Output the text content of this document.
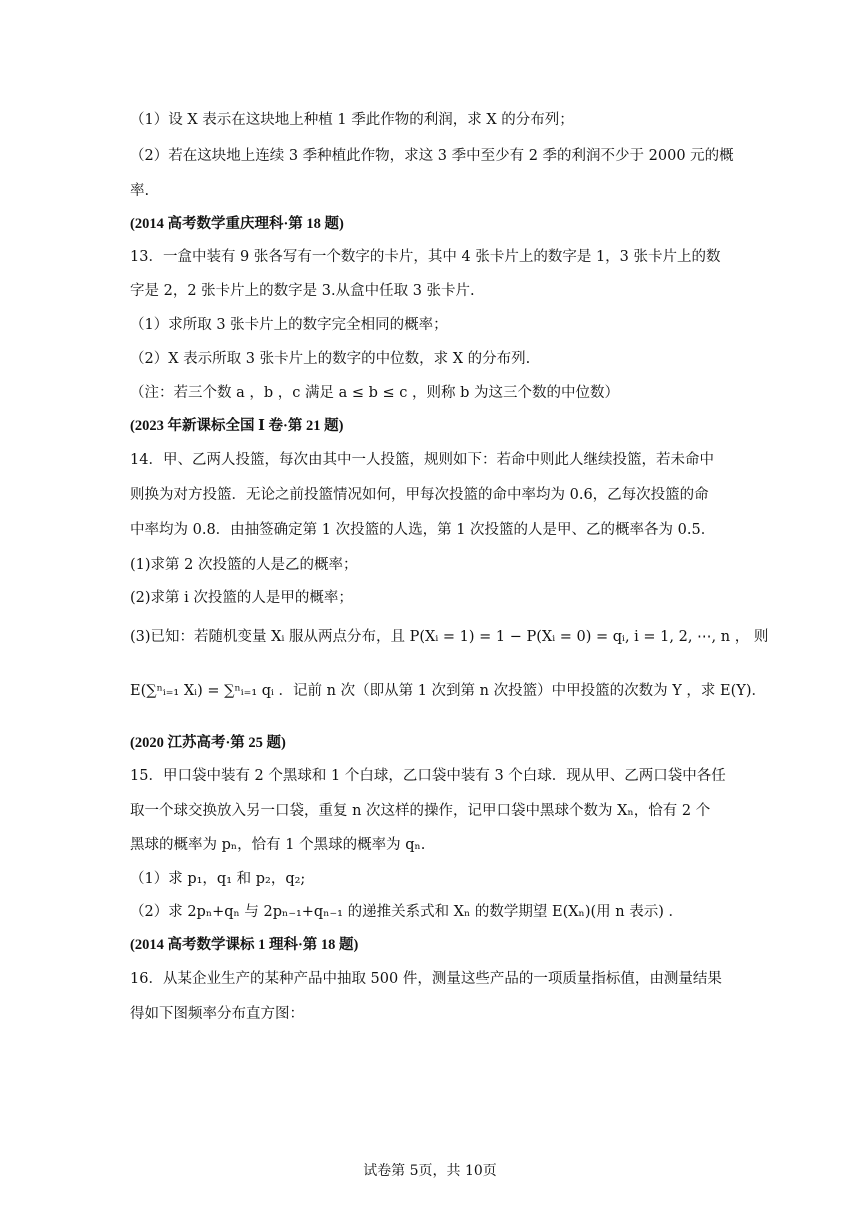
（1）设 X 表示在这块地上种植 1 季此作物的利润，求 X 的分布列；
（2）若在这块地上连续 3 季种植此作物，求这 3 季中至少有 2 季的利润不少于 2000 元的概
率.
(2014 高考数学重庆理科·第 18 题)
13．一盒中装有 9 张各写有一个数字的卡片，其中 4 张卡片上的数字是 1，3 张卡片上的数
字是 2，2 张卡片上的数字是 3.从盒中任取 3 张卡片.
（1）求所取 3 张卡片上的数字完全相同的概率；
（2）X 表示所取 3 张卡片上的数字的中位数，求 X 的分布列.
（注：若三个数 a ，b ，c 满足 a ≤ b ≤ c ，则称 b 为这三个数的中位数）
(2023 年新课标全国 Ⅰ 卷·第 21 题)
14．甲、乙两人投篮，每次由其中一人投篮，规则如下：若命中则此人继续投篮，若未命中
则换为对方投篮．无论之前投篮情况如何，甲每次投篮的命中率均为 0.6，乙每次投篮的命
中率均为 0.8．由抽签确定第 1 次投篮的人选，第 1 次投篮的人是甲、乙的概率各为 0.5．
(1)求第 2 次投篮的人是乙的概率；
(2)求第 i 次投篮的人是甲的概率；
(3)已知：若随机变量 Xᵢ 服从两点分布，且 P(Xᵢ = 1) = 1 − P(Xᵢ = 0) = qᵢ, i = 1, 2, ⋯, n ， 则
E(∑ⁿᵢ₌₁ Xᵢ) = ∑ⁿᵢ₌₁ qᵢ ．记前 n 次（即从第 1 次到第 n 次投篮）中甲投篮的次数为 Y ，求 E(Y)．
(2020 江苏高考·第 25 题)
15．甲口袋中装有 2 个黑球和 1 个白球，乙口袋中装有 3 个白球．现从甲、乙两口袋中各任
取一个球交换放入另一口袋，重复 n 次这样的操作，记甲口袋中黑球个数为 Xₙ，恰有 2 个
黑球的概率为 pₙ，恰有 1 个黑球的概率为 qₙ.
（1）求 p₁，q₁ 和 p₂，q₂;
（2）求 2pₙ+qₙ 与 2pₙ₋₁+qₙ₋₁ 的递推关系式和 Xₙ 的数学期望 E(Xₙ)(用 n 表示) ．
(2014 高考数学课标 1 理科·第 18 题)
16．从某企业生产的某种产品中抽取 500 件，测量这些产品的一项质量指标值，由测量结果
得如下图频率分布直方图：
试卷第 5页，共 10页
